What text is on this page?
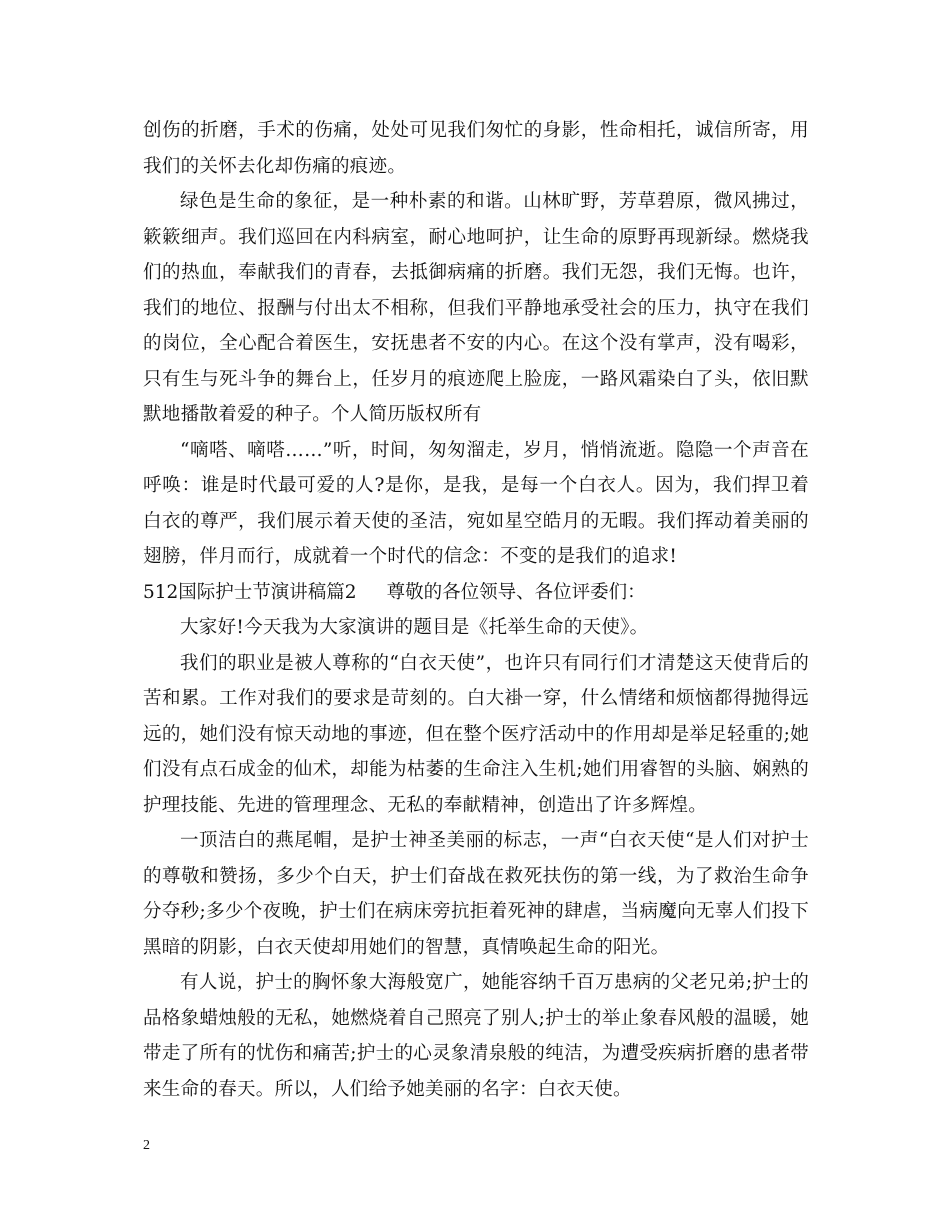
创伤的折磨，手术的伤痛，处处可见我们匆忙的身影，性命相托，诚信所寄，用我们的关怀去化却伤痛的痕迹。

绿色是生命的象征，是一种朴素的和谐。山林旷野，芳草碧原，微风拂过，簌簌细声。我们巡回在内科病室，耐心地呵护，让生命的原野再现新绿。燃烧我们的热血，奉献我们的青春，去抵御病痛的折磨。我们无怨，我们无悔。也许，我们的地位、报酬与付出太不相称，但我们平静地承受社会的压力，执守在我们的岗位，全心配合着医生，安抚患者不安的内心。在这个没有掌声，没有喝彩，只有生与死斗争的舞台上，任岁月的痕迹爬上脸庞，一路风霜染白了头，依旧默默地播散着爱的种子。个人简历版权所有

“嘀嗒、嘀嗒……”听，时间，匆匆溜走，岁月，悄悄流逝。隐隐一个声音在呼唤：谁是时代最可爱的人?是你，是我，是每一个白衣人。因为，我们捍卫着白衣的尊严，我们展示着天使的圣洁，宛如星空皓月的无暇。我们挥动着美丽的翅膀，伴月而行，成就着一个时代的信念：不变的是我们的追求!

512国际护士节演讲稿篇2 尊敬的各位领导、各位评委们：

大家好!今天我为大家演讲的题目是《托举生命的天使》。

我们的职业是被人尊称的“白衣天使”，也许只有同行们才清楚这天使背后的苦和累。工作对我们的要求是苛刻的。白大褂一穿，什么情绪和烦恼都得抛得远远的，她们没有惊天动地的事迹，但在整个医疗活动中的作用却是举足轻重的;她们没有点石成金的仙术，却能为枯萎的生命注入生机;她们用睿智的头脑、娴熟的护理技能、先进的管理理念、无私的奉献精神，创造出了许多辉煌。

一顶洁白的燕尾帽，是护士神圣美丽的标志，一声“白衣天使“是人们对护士的尊敬和赞扬，多少个白天，护士们奋战在救死扶伤的第一线，为了救治生命争分夺秒;多少个夜晚，护士们在病床旁抗拒着死神的肆虐，当病魔向无辜人们投下黑暗的阴影，白衣天使却用她们的智慧，真情唤起生命的阳光。

有人说，护士的胸怀象大海般宽广，她能容纳千百万患病的父老兄弟;护士的品格象蜡烛般的无私，她燃烧着自己照亮了别人;护士的举止象春风般的温暖，她带走了所有的忧伤和痛苦;护士的心灵象清泉般的纯洁，为遭受疾病折磨的患者带来生命的春天。所以，人们给予她美丽的名字：白衣天使。

2
